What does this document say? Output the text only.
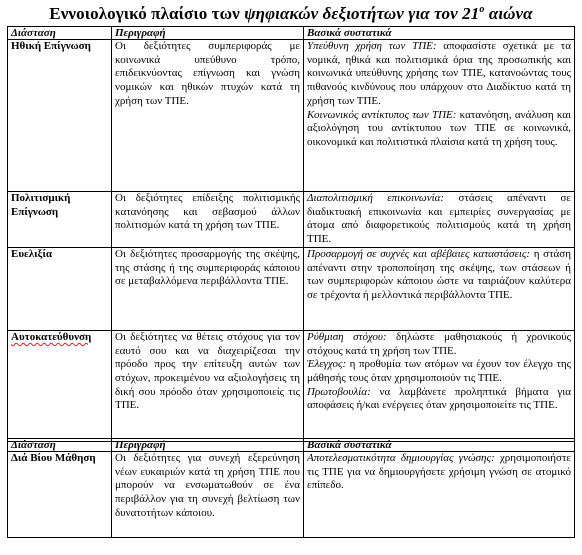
Εννοιολογικό πλαίσιο των ψηφιακών δεξιοτήτων για τον $21^o$ αιώνα
Διάσταση	Περιγραφή	Βασικά συστατικά
Ηθική Επίγνωση	Οι δεξιότητες συμπεριφοράς με κοινωνικά υπεύθυνο τρόπο, επιδεικνύοντας επίγνωση και γνώση νομικών και ηθικών πτυχών κατά τη χρήση των ΤΠΕ.	Υπεύθυνη χρήση των ΤΠΕ: αποφασίστε σχετικά με τα νομικά, ηθικά και πολιτισμικά όρια της προσωπικής και κοινωνικά υπεύθυνης χρήσης των ΤΠΕ, κατανοώντας τους πιθανούς κινδύνους που υπάρχουν στο Διαδίκτυο κατά τη χρήση των ΤΠΕ.

Κοινωνικός αντίκτυπος των ΤΠΕ: κατανόηση, ανάλυση και αξιολόγηση του αντίκτυπου των ΤΠΕ σε κοινωνικά, οικονομικά και πολιτιστικά πλαίσια κατά τη χρήση τους.

Πολιτισμική Επίγνωση	Οι δεξιότητες επίδειξης πολιτισμικής κατανόησης και σεβασμού άλλων πολιτισμών κατά τη χρήση των ΤΠΕ.	Διαπολιτισμική επικοινωνία: στάσεις απέναντι σε διαδικτυακή επικοινωνία και εμπειρίες συνεργασίας με άτομα από διαφορετικούς πολιτισμούς κατά τη χρήση ΤΠΕ.

Ευελιξία	Οι δεξιότητες προσαρμογής της σκέψης, της στάσης ή της συμπεριφοράς κάποιου σε μεταβαλλόμενα περιβάλλοντα ΤΠΕ.	Προσαρμογή σε συχνές και αβέβαιες καταστάσεις: η στάση απέναντι στην τροποποίηση της σκέψης, των στάσεων ή των συμπεριφορών κάποιου ώστε να ταιριάζουν καλύτερα σε τρέχοντα ή μελλοντικά περιβάλλοντα ΤΠΕ.

Αυτοκατεύθυνση	Οι δεξιότητες να θέτεις στόχους για τον εαυτό σου και να διαχειρίζεσαι την πρόοδο προς την επίτευξη αυτών των στόχων, προκειμένου να αξιολογήσεις τη δική σου πρόοδο όταν χρησιμοποιείς τις ΤΠΕ.	Ρύθμιση στόχου: δηλώστε μαθησιακούς ή χρονικούς στόχους κατά τη χρήση των ΤΠΕ.

Έλεγχος: η προθυμία των ατόμων να έχουν τον έλεγχο της μάθησής τους όταν χρησιμοποιούν τις ΤΠΕ.

Πρωτοβουλία: να λαμβάνετε προληπτικά βήματα για αποφάσεις ή/και ενέργειες όταν χρησιμοποιείτε τις ΤΠΕ.

Διάσταση	Περιγραφή	Βασικά συστατικά
Διά Βίου Μάθηση	Οι δεξιότητες για συνεχή εξερεύνηση νέων ευκαιριών κατά τη χρήση ΤΠΕ που μπορούν να ενσωματωθούν σε ένα περιβάλλον για τη συνεχή βελτίωση των δυνατοτήτων κάποιου.	Αποτελεσματικότητα δημιουργίας γνώσης: χρησιμοποιήστε τις ΤΠΕ για να δημιουργήσετε χρήσιμη γνώση σε ατομικό επίπεδο.
